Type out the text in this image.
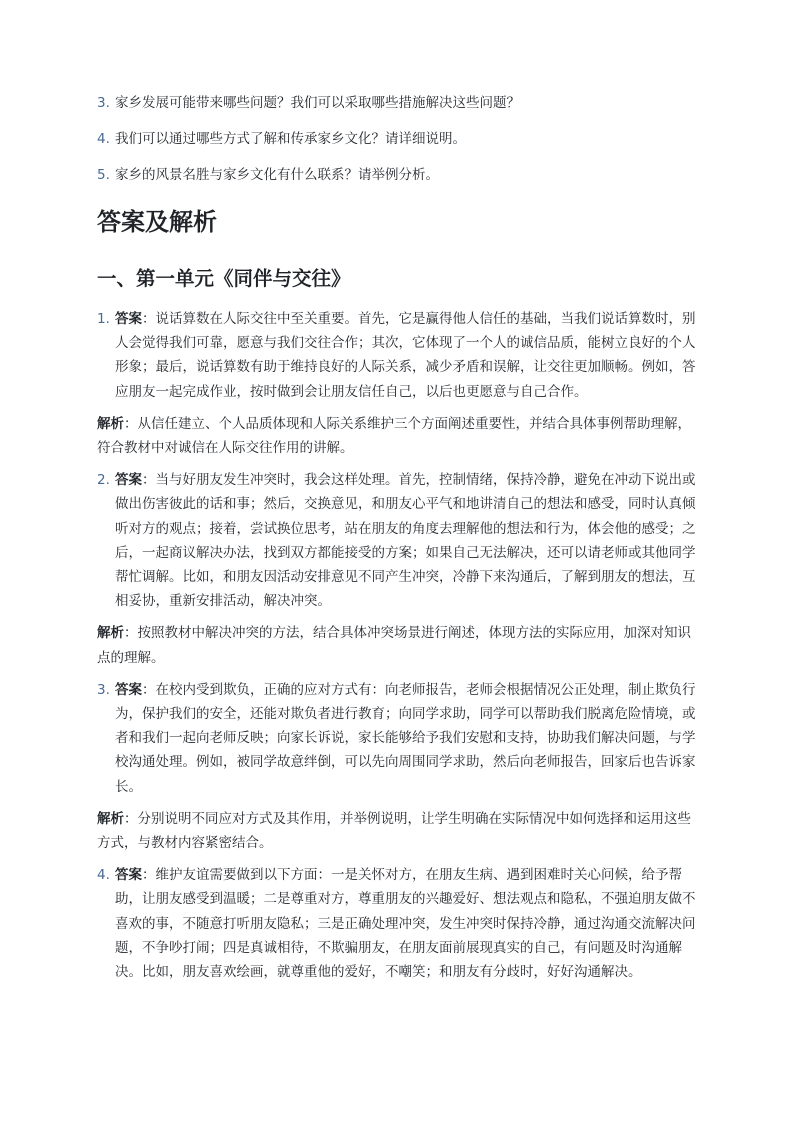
3. 家乡发展可能带来哪些问题？我们可以采取哪些措施解决这些问题？
4. 我们可以通过哪些方式了解和传承家乡文化？请详细说明。
5. 家乡的风景名胜与家乡文化有什么联系？请举例分析。
答案及解析
一、第一单元《同伴与交往》
1. 答案：说话算数在人际交往中至关重要。首先，它是赢得他人信任的基础，当我们说话算数时，别人会觉得我们可靠，愿意与我们交往合作；其次，它体现了一个人的诚信品质，能树立良好的个人形象；最后，说话算数有助于维持良好的人际关系，减少矛盾和误解，让交往更加顺畅。例如，答应朋友一起完成作业，按时做到会让朋友信任自己，以后也更愿意与自己合作。
解析：从信任建立、个人品质体现和人际关系维护三个方面阐述重要性，并结合具体事例帮助理解，符合教材中对诚信在人际交往作用的讲解。
2. 答案：当与好朋友发生冲突时，我会这样处理。首先，控制情绪，保持冷静，避免在冲动下说出或做出伤害彼此的话和事；然后，交换意见，和朋友心平气和地讲清自己的想法和感受，同时认真倾听对方的观点；接着，尝试换位思考，站在朋友的角度去理解他的想法和行为，体会他的感受；之后，一起商议解决办法，找到双方都能接受的方案；如果自己无法解决，还可以请老师或其他同学帮忙调解。比如，和朋友因活动安排意见不同产生冲突，冷静下来沟通后，了解到朋友的想法，互相妥协，重新安排活动，解决冲突。
解析：按照教材中解决冲突的方法，结合具体冲突场景进行阐述，体现方法的实际应用，加深对知识点的理解。
3. 答案：在校内受到欺负，正确的应对方式有：向老师报告，老师会根据情况公正处理，制止欺负行为，保护我们的安全，还能对欺负者进行教育；向同学求助，同学可以帮助我们脱离危险情境，或者和我们一起向老师反映；向家长诉说，家长能够给予我们安慰和支持，协助我们解决问题，与学校沟通处理。例如，被同学故意绊倒，可以先向周围同学求助，然后向老师报告，回家后也告诉家长。
解析：分别说明不同应对方式及其作用，并举例说明，让学生明确在实际情况中如何选择和运用这些方式，与教材内容紧密结合。
4. 答案：维护友谊需要做到以下方面：一是关怀对方，在朋友生病、遇到困难时关心问候，给予帮助，让朋友感受到温暖；二是尊重对方，尊重朋友的兴趣爱好、想法观点和隐私，不强迫朋友做不喜欢的事，不随意打听朋友隐私；三是正确处理冲突，发生冲突时保持冷静，通过沟通交流解决问题，不争吵打闹；四是真诚相待，不欺骗朋友，在朋友面前展现真实的自己，有问题及时沟通解决。比如，朋友喜欢绘画，就尊重他的爱好，不嘲笑；和朋友有分歧时，好好沟通解决。
